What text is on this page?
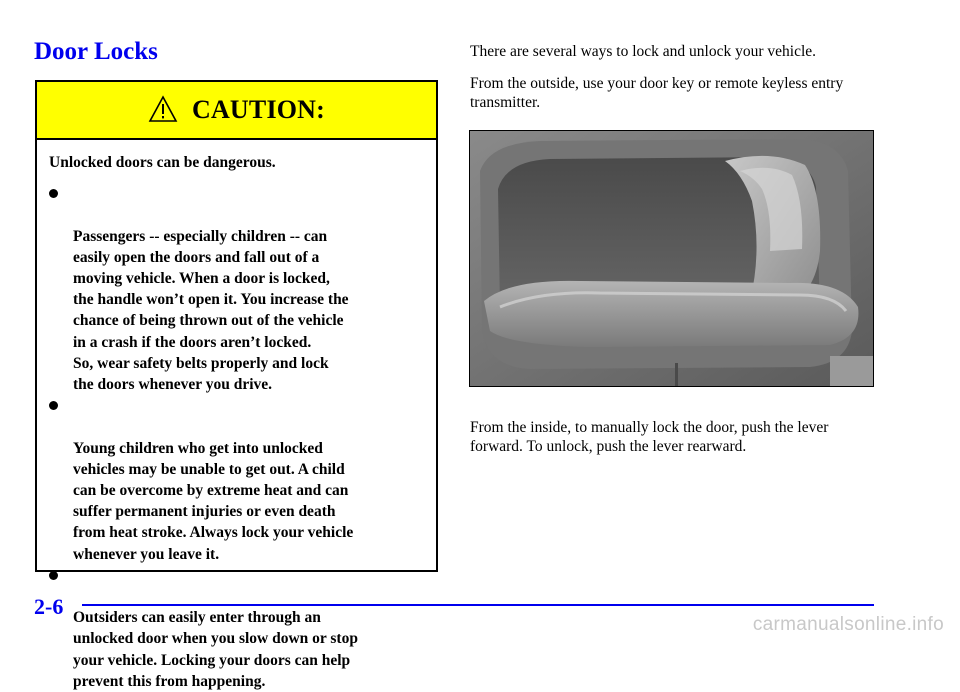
Door Locks
CAUTION:

Unlocked doors can be dangerous.

Passengers -- especially children -- can
easily open the doors and fall out of a
moving vehicle. When a door is locked,
the handle won’t open it. You increase the
chance of being thrown out of the vehicle
in a crash if the doors aren’t locked.
So, wear safety belts properly and lock
the doors whenever you drive.

Young children who get into unlocked
vehicles may be unable to get out. A child
can be overcome by extreme heat and can
suffer permanent injuries or even death
from heat stroke. Always lock your vehicle
whenever you leave it.

Outsiders can easily enter through an
unlocked door when you slow down or stop
your vehicle. Locking your doors can help
prevent this from happening.

There are several ways to lock and unlock your vehicle.

From the outside, use your door key or remote keyless entry transmitter.

From the inside, to manually lock the door, push the lever forward. To unlock, push the lever rearward.

2-6
carmanualsonline.info
